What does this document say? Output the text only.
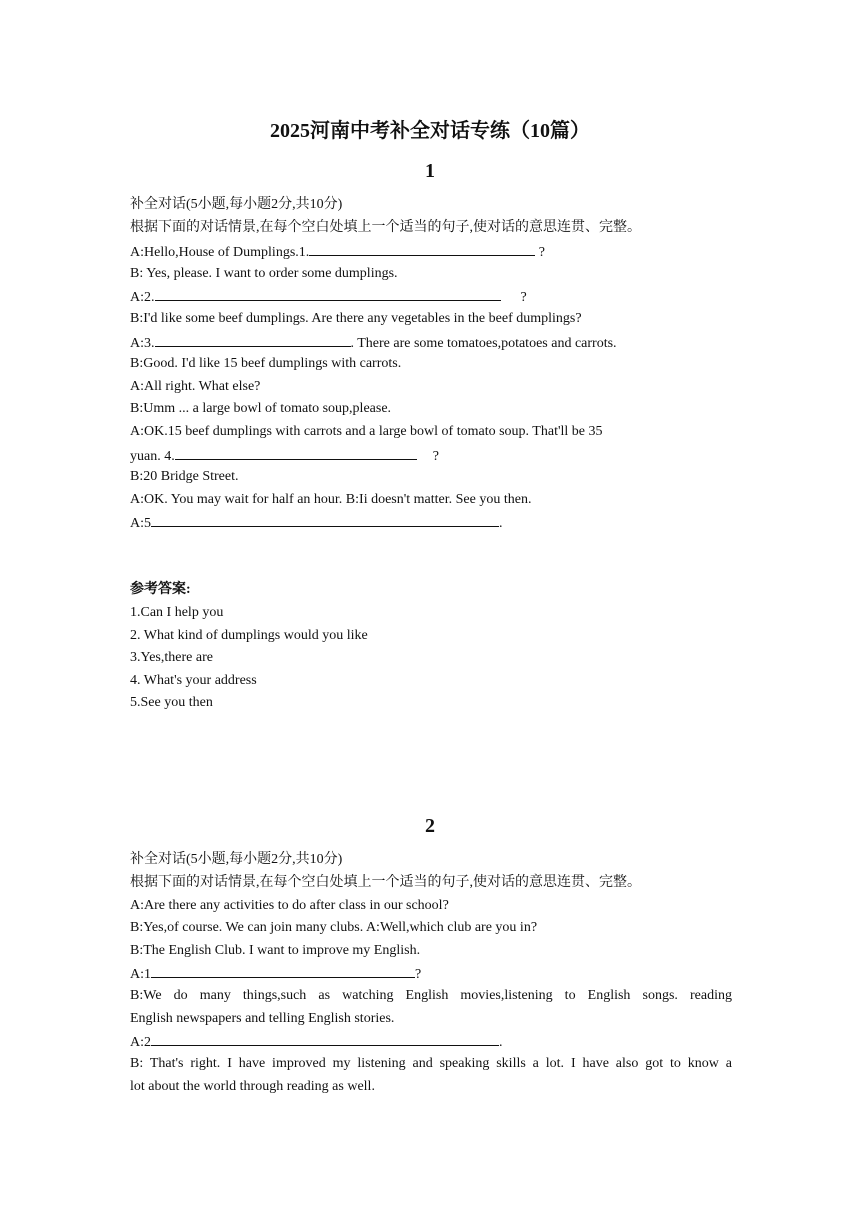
2025河南中考补全对话专练（10篇）
1
补全对话(5小题,每小题2分,共10分)
根据下面的对话情景,在每个空白处填上一个适当的句子,使对话的意思连贯、完整。
A:Hello,House of Dumplings.1.	?
B: Yes, please. I want to order some dumplings.
A:2.	?
B:I'd like some beef dumplings. Are there any vegetables in the beef dumplings?
A:3.	. There are some tomatoes,potatoes and carrots.
B:Good. I'd like 15 beef dumplings with carrots.
A:All right. What else?
B:Umm ... a large bowl of tomato soup,please.
A:OK.15 beef dumplings with carrots and a large bowl of tomato soup. That'll be 35
yuan. 4.	?
B:20 Bridge Street.
A:OK. You may wait for half an hour. B:Ii doesn't matter. See you then.
A:5	.
参考答案:
1.Can I help you
2. What kind of dumplings would you like
3.Yes,there are
4. What's your address
5.See you then
2
补全对话(5小题,每小题2分,共10分)
根据下面的对话情景,在每个空白处填上一个适当的句子,使对话的意思连贯、完整。
A:Are there any activities to do after class in our school?
B:Yes,of course. We can join many clubs. A:Well,which club are you in?
B:The English Club. I want to improve my English.
A:1	?
B:We do many things,such as watching English movies,listening to English songs. reading
English newspapers and telling English stories.
A:2	.
B: That's right. I have improved my listening and speaking skills a lot. I have also got to know a
lot about the world through reading as well.
